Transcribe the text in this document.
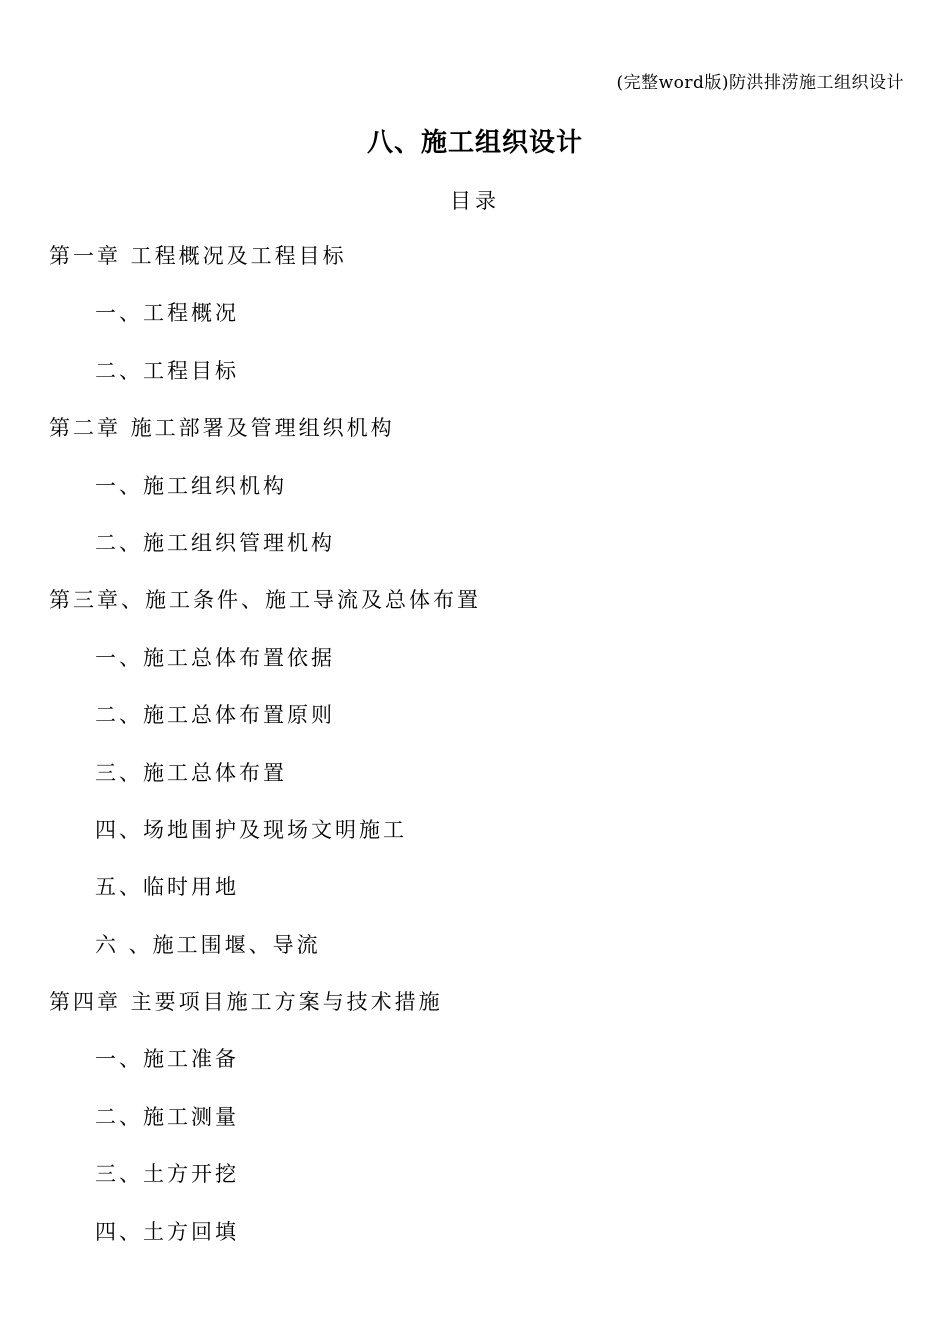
(完整word版)防洪排涝施工组织设计
八、施工组织设计
目录
第一章 工程概况及工程目标
一、工程概况
二、工程目标
第二章 施工部署及管理组织机构
一、施工组织机构
二、施工组织管理机构
第三章、施工条件、施工导流及总体布置
一、施工总体布置依据
二、施工总体布置原则
三、施工总体布置
四、场地围护及现场文明施工
五、临时用地
六 、施工围堰、导流
第四章 主要项目施工方案与技术措施
一、施工准备
二、施工测量
三、土方开挖
四、土方回填
